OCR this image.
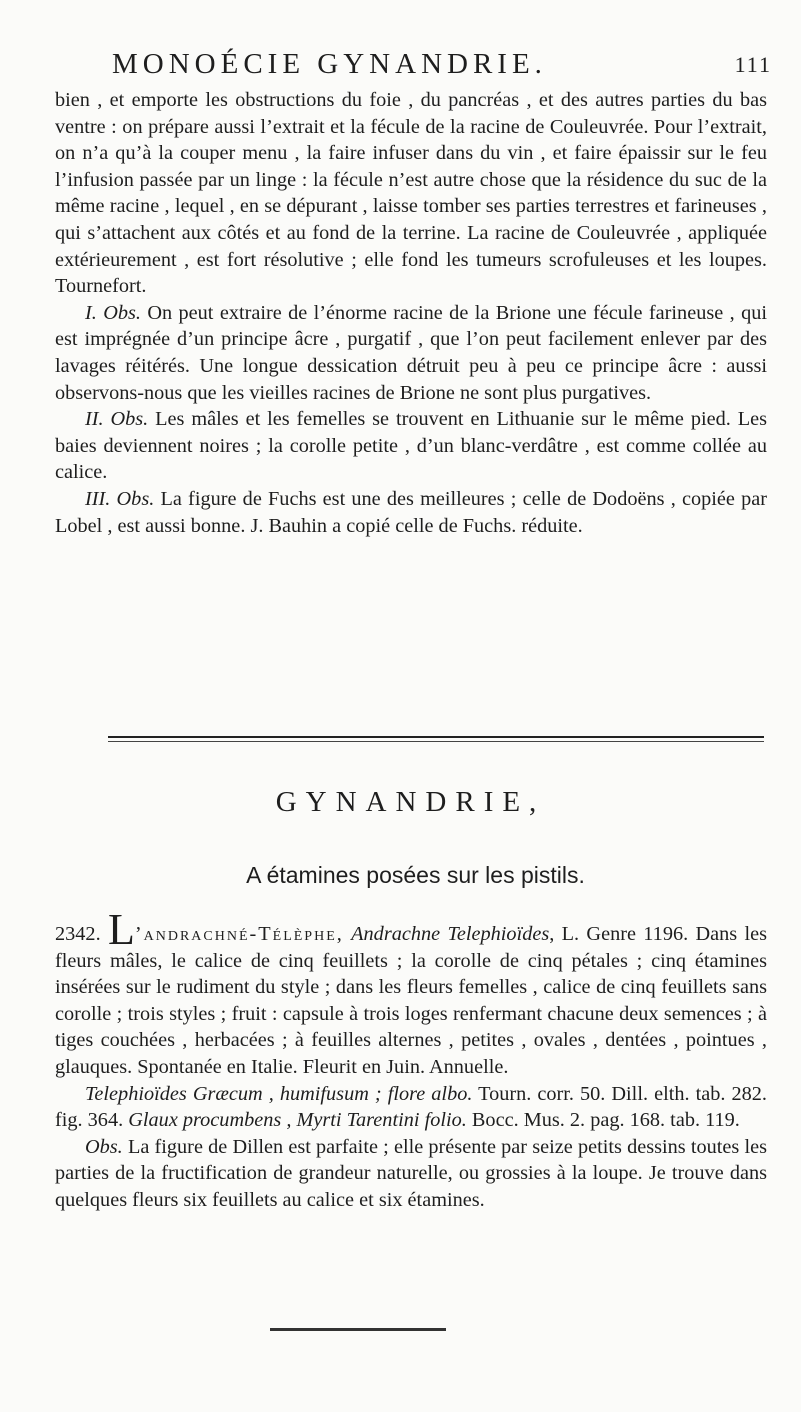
MONOÉCIE GYNANDRIE.	111

bien , et emporte les obstructions du foie , du pancréas , et des autres parties du bas ventre : on prépare aussi l’extrait et la fécule de la racine de Couleuvrée. Pour l’extrait, on n’a qu’à la couper menu , la faire infuser dans du vin , et faire épaissir sur le feu l’infusion passée par un linge : la fécule n’est autre chose que la résidence du suc de la même racine , lequel , en se dépurant , laisse tomber ses parties terrestres et farineuses , qui s’attachent aux côtés et au fond de la terrine. La racine de Couleuvrée , appliquée extérieurement , est fort résolutive ; elle fond les tumeurs scrofuleuses et les loupes. Tournefort.

I. Obs. On peut extraire de l’énorme racine de la Brione une fécule farineuse , qui est imprégnée d’un principe âcre , purgatif , que l’on peut facilement enlever par des lavages réitérés. Une longue dessication détruit peu à peu ce principe âcre : aussi observons-nous que les vieilles racines de Brione ne sont plus purgatives.

II. Obs. Les mâles et les femelles se trouvent en Lithuanie sur le même pied. Les baies deviennent noires ; la corolle petite , d’un blanc-verdâtre , est comme collée au calice.

III. Obs. La figure de Fuchs est une des meilleures ; celle de Dodoëns , copiée par Lobel , est aussi bonne. J. Bauhin a copié celle de Fuchs. réduite.

GYNANDRIE,
A étamines posées sur les pistils.

2342. L’andrachné-Télèphe, Andrachne Telephioïdes, L. Genre 1196. Dans les fleurs mâles, le calice de cinq feuillets ; la corolle de cinq pétales ; cinq étamines insérées sur le rudiment du style ; dans les fleurs femelles , calice de cinq feuillets sans corolle ; trois styles ; fruit : capsule à trois loges renfermant chacune deux semences ; à tiges couchées , herbacées ; à feuilles alternes , petites , ovales , dentées , pointues , glauques. Spontanée en Italie. Fleurit en Juin. Annuelle.

Telephioïdes Græcum , humifusum ; flore albo. Tourn. corr. 50. Dill. elth. tab. 282. fig. 364. Glaux procumbens , Myrti Tarentini folio. Bocc. Mus. 2. pag. 168. tab. 119.

Obs. La figure de Dillen est parfaite ; elle présente par seize petits dessins toutes les parties de la fructification de grandeur naturelle, ou grossies à la loupe. Je trouve dans quelques fleurs six feuillets au calice et six étamines.
